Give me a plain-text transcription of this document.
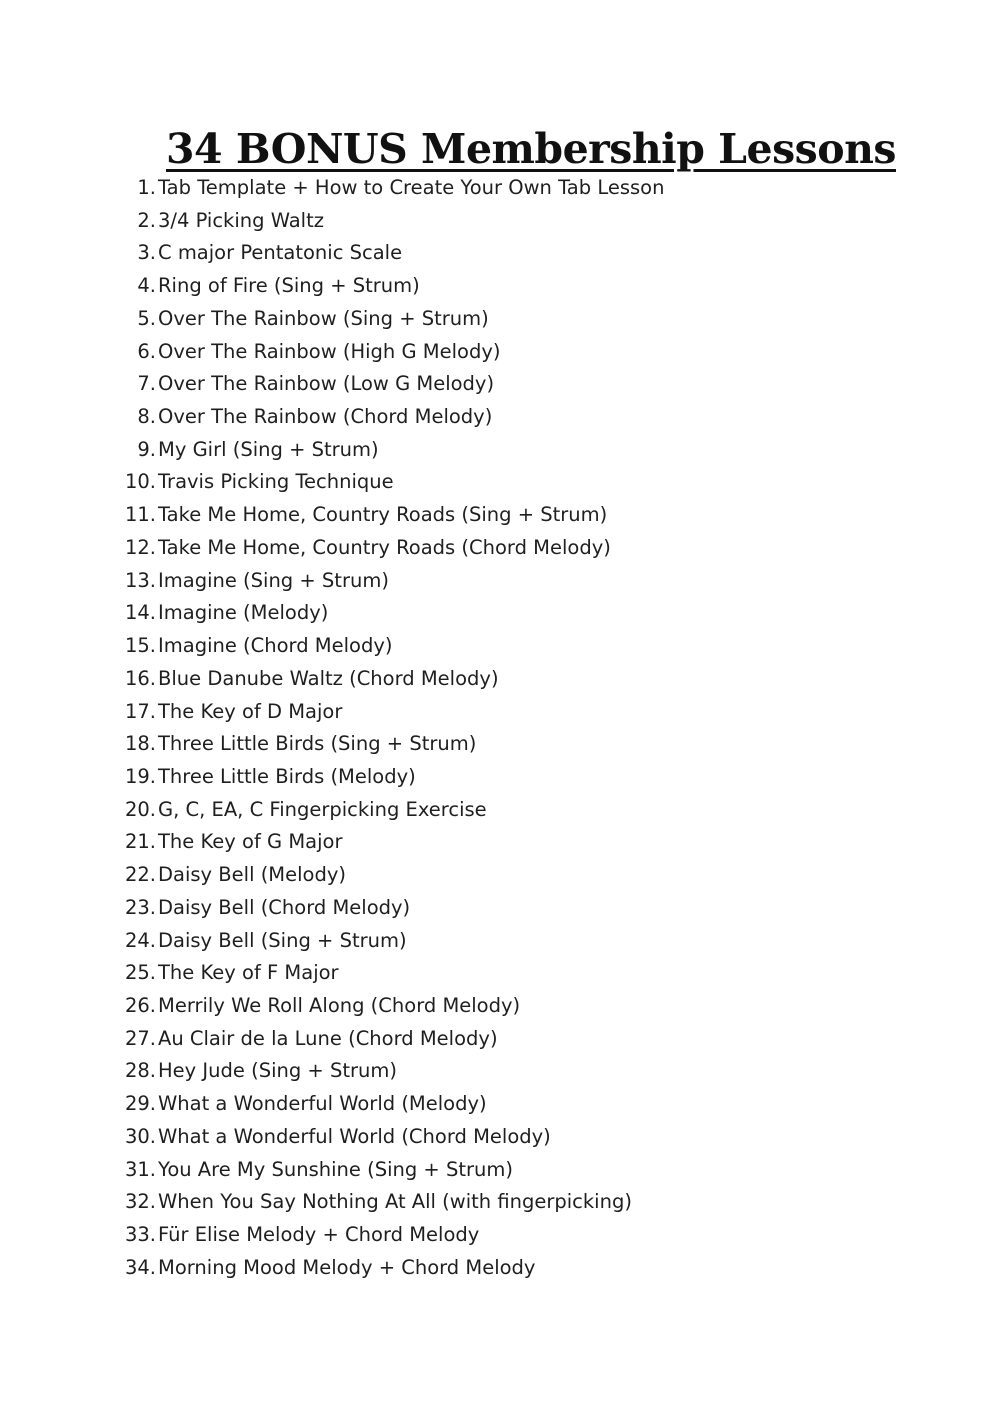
34 BONUS Membership Lessons
1. Tab Template + How to Create Your Own Tab Lesson
2. 3/4 Picking Waltz
3. C major Pentatonic Scale
4. Ring of Fire (Sing + Strum)
5. Over The Rainbow (Sing + Strum)
6. Over The Rainbow (High G Melody)
7. Over The Rainbow (Low G Melody)
8. Over The Rainbow (Chord Melody)
9. My Girl (Sing + Strum)
10. Travis Picking Technique
11. Take Me Home, Country Roads (Sing + Strum)
12. Take Me Home, Country Roads (Chord Melody)
13. Imagine (Sing + Strum)
14. Imagine (Melody)
15. Imagine (Chord Melody)
16. Blue Danube Waltz (Chord Melody)
17. The Key of D Major
18. Three Little Birds (Sing + Strum)
19. Three Little Birds (Melody)
20. G, C, EA, C Fingerpicking Exercise
21. The Key of G Major
22. Daisy Bell (Melody)
23. Daisy Bell (Chord Melody)
24. Daisy Bell (Sing + Strum)
25. The Key of F Major
26. Merrily We Roll Along (Chord Melody)
27. Au Clair de la Lune (Chord Melody)
28. Hey Jude (Sing + Strum)
29. What a Wonderful World (Melody)
30. What a Wonderful World (Chord Melody)
31. You Are My Sunshine (Sing + Strum)
32. When You Say Nothing At All (with fingerpicking)
33. Für Elise Melody + Chord Melody
34. Morning Mood Melody + Chord Melody
